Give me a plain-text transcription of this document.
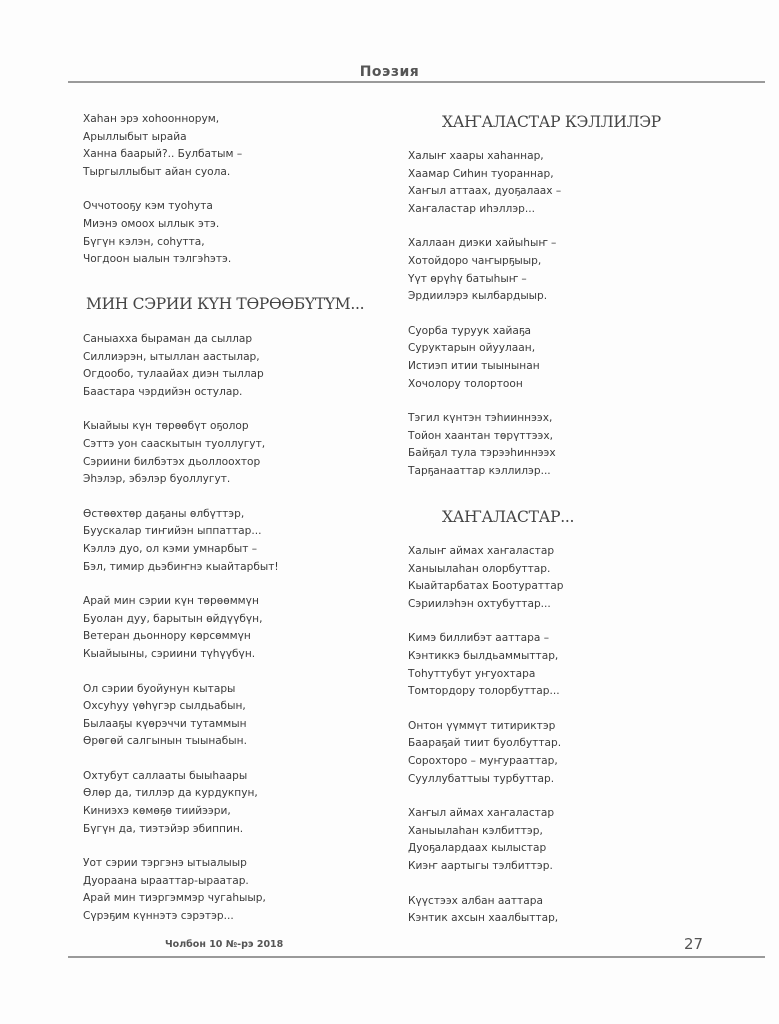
Поэзия
Хаһан эрэ хоһооннорум,
Арыллыбыт ырайа
Ханна баарый?.. Булбатым –
Тыргыллыбыт айан суола.
Оччотооҕу кэм туоһута
Миэнэ омоох ыллык этэ.
Бүгүн кэлэн, соһутта,
Чогдоон ыалын тэлгэһэтэ.
МИН СЭРИИ КҮН ТӨРӨӨБҮТҮМ...
Саныахха быраман да сыллар
Силлиэрэн, ытыллан аастылар,
Огдообо, тулаайах диэн тыллар
Баастара чэрдийэн остулар.
Кыайыы күн төрөөбүт оҕолор
Сэттэ уон сааскытын туоллугут,
Сэриини билбэтэх дьоллоохтор
Эһэлэр, эбэлэр буоллугут.
Өстөөхтөр даҕаны өлбүттэр,
Бууcкалар тиҥийэн ыппаттар...
Кэллэ дуо, ол кэми умнарбыт –
Бэл, тимир дьэбиҥнэ кыайтарбыт!
Арай мин сэрии күн төрөөммүн
Буолан дуу, барытын өйдүүбүн,
Ветеран дьоннору көрсөммүн
Кыайыыны, сэриини түһүүбүн.
Ол сэрии буойунун кытары
Охсуһуу үөһүгэр сылдьабын,
Былааҕы күөрэччи тутаммын
Өрөгөй салгынын тыынабын.
Охтубут саллааты быыһаары
Өлөр да, тиллэр да курдукпун,
Киниэхэ көмөҕө тиийээри,
Бүгүн да, тиэтэйэр эбиппин.
Уот сэрии тэргэнэ ытыалыыр
Дуораана ырааттар-ыраатар.
Арай мин тиэргэммэр чугаһыыр,
Сүрэҕим күннэтэ сэрэтэр...
ХАҤАЛАСТАР КЭЛЛИЛЭР
Халыҥ хаары хаһаннар,
Хаамар Сиһин туораннар,
Хаҥыл аттаах, дуоҕалаах –
Хаҥаластар иһэллэр...
Халлаан диэки хайыһыҥ –
Хотойдоро чаҥырҕыыр,
Үүт өрүһү батыһыҥ –
Эрдиилэрэ кылбардыыр.
Суорба туруук хайаҕа
Суруктарын ойуулаан,
Истиэп итии тыынынан
Хочолору толортоон
Тэгил күнтэн тэһииннээх,
Тойон хаантан төрүттээх,
Байҕал тула тэрээһиннээх
Тарҕанааттар кэллилэр...
ХАҤАЛАСТАР...
Халыҥ аймах хаҥаластар
Ханыылаһан олорбуттар.
Кыайтарбатах Боотураттар
Сэриилэһэн охтубуттар...
Кимэ биллибэт ааттара –
Кэнтиккэ былдьаммыттар,
Тоһуттубут уҥуохтара
Томтордору толорбуттар...
Онтон үүммүт титириктэр
Баараҕай тиит буолбуттар.
Сорохторо – муҥурааттар,
Сууллубаттыы турбуттар.
Хаҥыл аймах хаҥаластар
Ханыылаһан кэлбиттэр,
Дуоҕалардаах кылыстар
Киэҥ аартыгы тэлбиттэр.
Күүстээх албан ааттара
Кэнтик ахсын хаалбыттар,
Чолбон 10 №-рэ 2018	27
